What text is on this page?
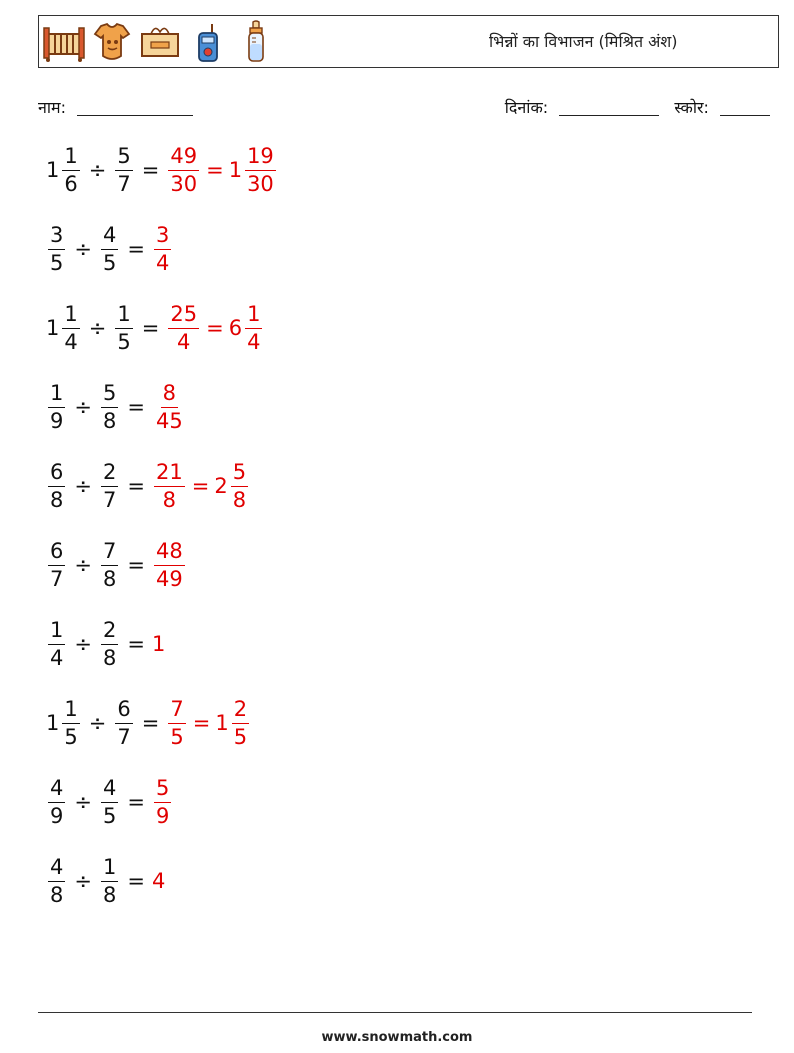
भिन्नों का विभाजन (मिश्रित अंश)
नाम:	दिनांक:	स्कोर:
$1 \frac{1}{6} \div \frac{5}{7} = \frac{49}{30} = 1 \frac{19}{30}$
$\frac{3}{5} \div \frac{4}{5} = \frac{3}{4}$
$1 \frac{1}{4} \div \frac{1}{5} = \frac{25}{4} = 6 \frac{1}{4}$
$\frac{1}{9} \div \frac{5}{8} = \frac{8}{45}$
$\frac{6}{8} \div \frac{2}{7} = \frac{21}{8} = 2 \frac{5}{8}$
$\frac{6}{7} \div \frac{7}{8} = \frac{48}{49}$
$\frac{1}{4} \div \frac{2}{8} = 1$
$1 \frac{1}{5} \div \frac{6}{7} = \frac{7}{5} = 1 \frac{2}{5}$
$\frac{4}{9} \div \frac{4}{5} = \frac{5}{9}$
$\frac{4}{8} \div \frac{1}{8} = 4$
www.snowmath.com
